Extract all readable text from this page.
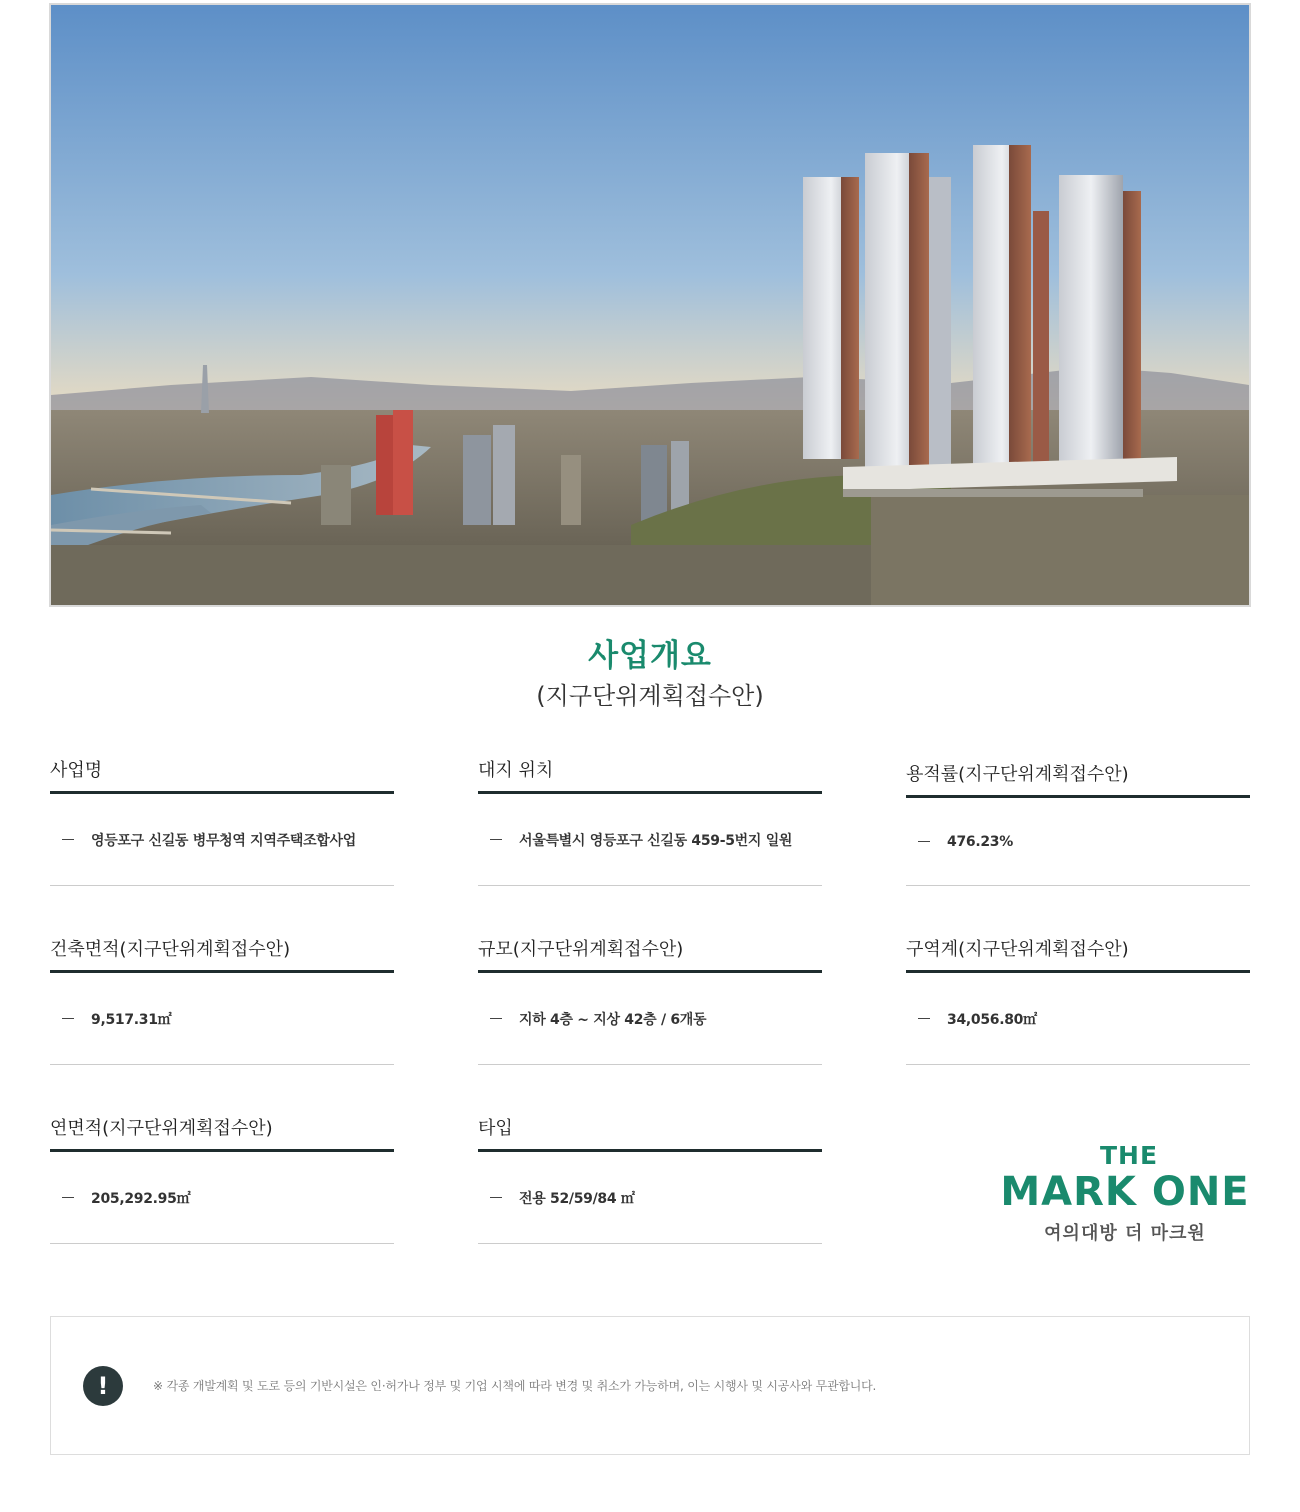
사업개요
(지구단위계획접수안)
사업명
영등포구 신길동 병무청역 지역주택조합사업
대지 위치
서울특별시 영등포구 신길동 459-5번지 일원
용적률(지구단위계획접수안)
476.23%
건축면적(지구단위계획접수안)
9,517.31㎡
규모(지구단위계획접수안)
지하 4층 ~ 지상 42층 / 6개동
구역계(지구단위계획접수안)
34,056.80㎡
연면적(지구단위계획접수안)
205,292.95㎡
타입
전용 52/59/84 ㎡
THE
MARK ONE
여의대방 더 마크원
!	※ 각종 개발계획 및 도로 등의 기반시설은 인·허가나 정부 및 기업 시책에 따라 변경 및 취소가 가능하며, 이는 시행사 및 시공사와 무관합니다.
